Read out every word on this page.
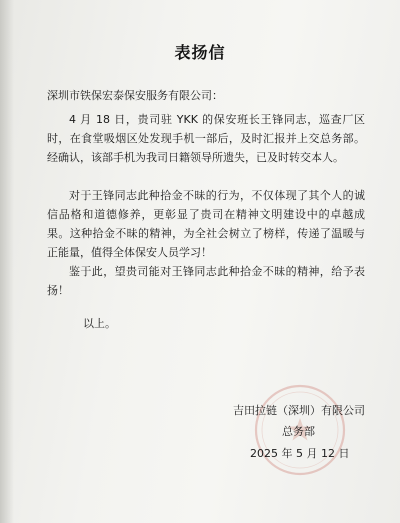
表扬信
深圳市铁保宏泰保安服务有限公司：

4 月 18 日，贵司驻 YKK 的保安班长王锋同志，巡查厂区时，在食堂吸烟区处发现手机一部后，及时汇报并上交总务部。经确认，该部手机为我司日籍领导所遗失，已及时转交本人。

对于王锋同志此种拾金不昧的行为，不仅体现了其个人的诚信品格和道德修养，更彰显了贵司在精神文明建设中的卓越成果。这种拾金不昧的精神，为全社会树立了榜样，传递了温暖与正能量，值得全体保安人员学习！

鉴于此，望贵司能对王锋同志此种拾金不昧的精神，给予表扬！

以上。
吉田拉链（深圳）有限公司
总务部
2025 年 5 月 12 日
